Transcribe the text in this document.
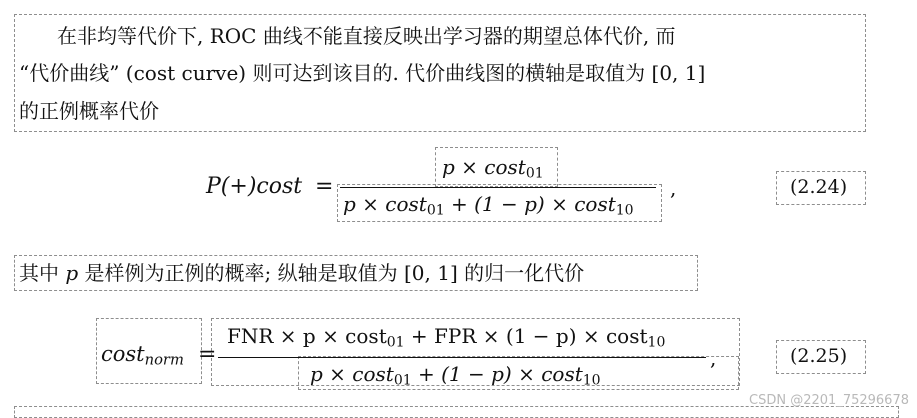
在非均等代价下, ROC 曲线不能直接反映出学习器的期望总体代价, 而
“代价曲线” (cost curve) 则可达到该目的. 代价曲线图的横轴是取值为 [0, 1]
的正例概率代价
P(+)cost =
p × cost$_{01}$
p × cost$_{01}$ + (1 − p) × cost$_{10}$
,	(2.24)
其中 p 是样例为正例的概率; 纵轴是取值为 [0, 1] 的归一化代价
cost$_{norm}$ =
FNR × p × cost$_{01}$ + FPR × (1 − p) × cost$_{10}$
p × cost$_{01}$ + (1 − p) × cost$_{10}$
,	(2.25)
CSDN @2201_75296678
